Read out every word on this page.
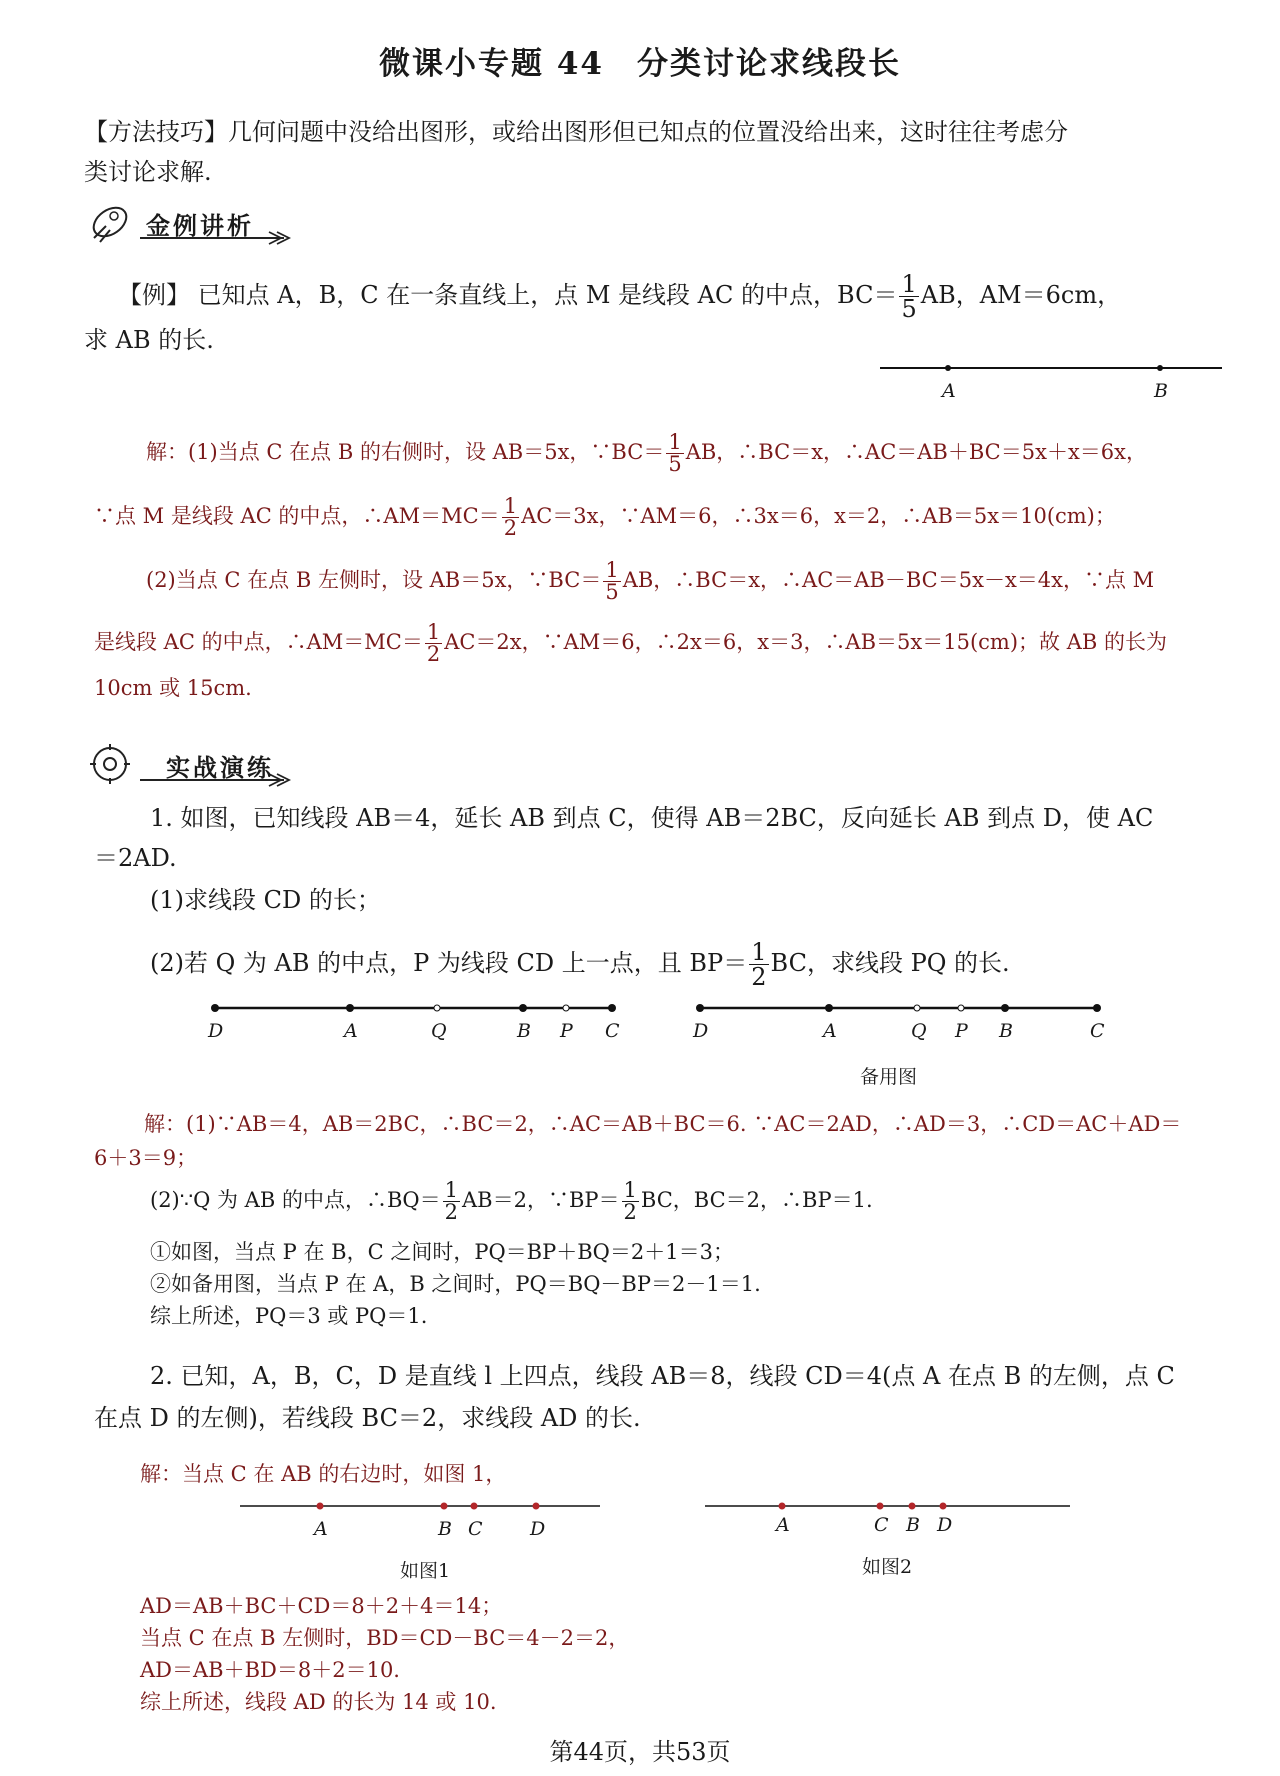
微课小专题 44　分类讨论求线段长
【方法技巧】几何问题中没给出图形，或给出图形但已知点的位置没给出来，这时往往考虑分
类讨论求解.
金例讲析
【例】 已知点 A，B，C 在一条直线上，点 M 是线段 AC 的中点，$BC= \frac{1}{5}$ AB，AM＝6cm，
求 AB 的长.
A	B
解：(1)当点 C 在点 B 的右侧时，设 AB＝5x，∵BC＝ $\frac{1}{5}$ AB，∴BC＝x，∴AC＝AB＋BC＝5x＋x＝6x，
∵点 M 是线段 AC 的中点，∴AM＝MC＝ $\frac{1}{2} AC=3x$，∵AM＝6，∴3x＝6，x＝2，∴AB＝5x＝10(cm)；
(2)当点 C 在点 B 左侧时，设 AB＝5x，∵BC＝ $\frac{1}{5}$ AB，∴BC＝x，∴AC＝AB－BC＝5x－x＝4x，∵点 M
是线段 AC 的中点，∴AM＝MC＝ $\frac{1}{2} AC=2x$，∵AM＝6，∴2x＝6，x＝3，∴AB＝5x＝15(cm)；故 AB 的长为
10cm 或 15cm.
实战演练
1. 如图，已知线段 AB＝4，延长 AB 到点 C，使得 AB＝2BC，反向延长 AB 到点 D，使 AC
＝2AD.
(1)求线段 CD 的长；
(2)若 Q 为 AB 的中点，P 为线段 CD 上一点，且 $BP= \frac{1}{2}$ BC，求线段 PQ 的长.
D	A	Q	B P C	D	A	Q P B	C
备用图
解：(1)∵AB＝4，AB＝2BC，∴BC＝2，∴AC＝AB＋BC＝6. ∵AC＝2AD，∴AD＝3，∴CD＝AC＋AD＝
6＋3＝9；
(2)∵Q 为 AB 的中点，∴BQ＝ $\frac{1}{2} AB=2$，∵BP＝ $\frac{1}{2}$ BC，BC＝2，∴BP＝1.
①如图，当点 P 在 B，C 之间时，PQ＝BP＋BQ＝2＋1＝3；
②如备用图，当点 P 在 A，B 之间时，PQ＝BQ－BP＝2－1＝1.
综上所述，PQ＝3 或 PQ＝1.
2. 已知，A，B，C，D 是直线 l 上四点，线段 AB＝8，线段 CD＝4(点 A 在点 B 的左侧，点 C
在点 D 的左侧)，若线段 BC＝2，求线段 AD 的长.
解：当点 C 在 AB 的右边时，如图 1，
A	B C D
如图1
A	C B D
如图2
AD＝AB＋BC＋CD＝8＋2＋4＝14；
当点 C 在点 B 左侧时，BD＝CD－BC＝4－2＝2，
AD＝AB＋BD＝8＋2＝10.
综上所述，线段 AD 的长为 14 或 10.
第44页，共53页
